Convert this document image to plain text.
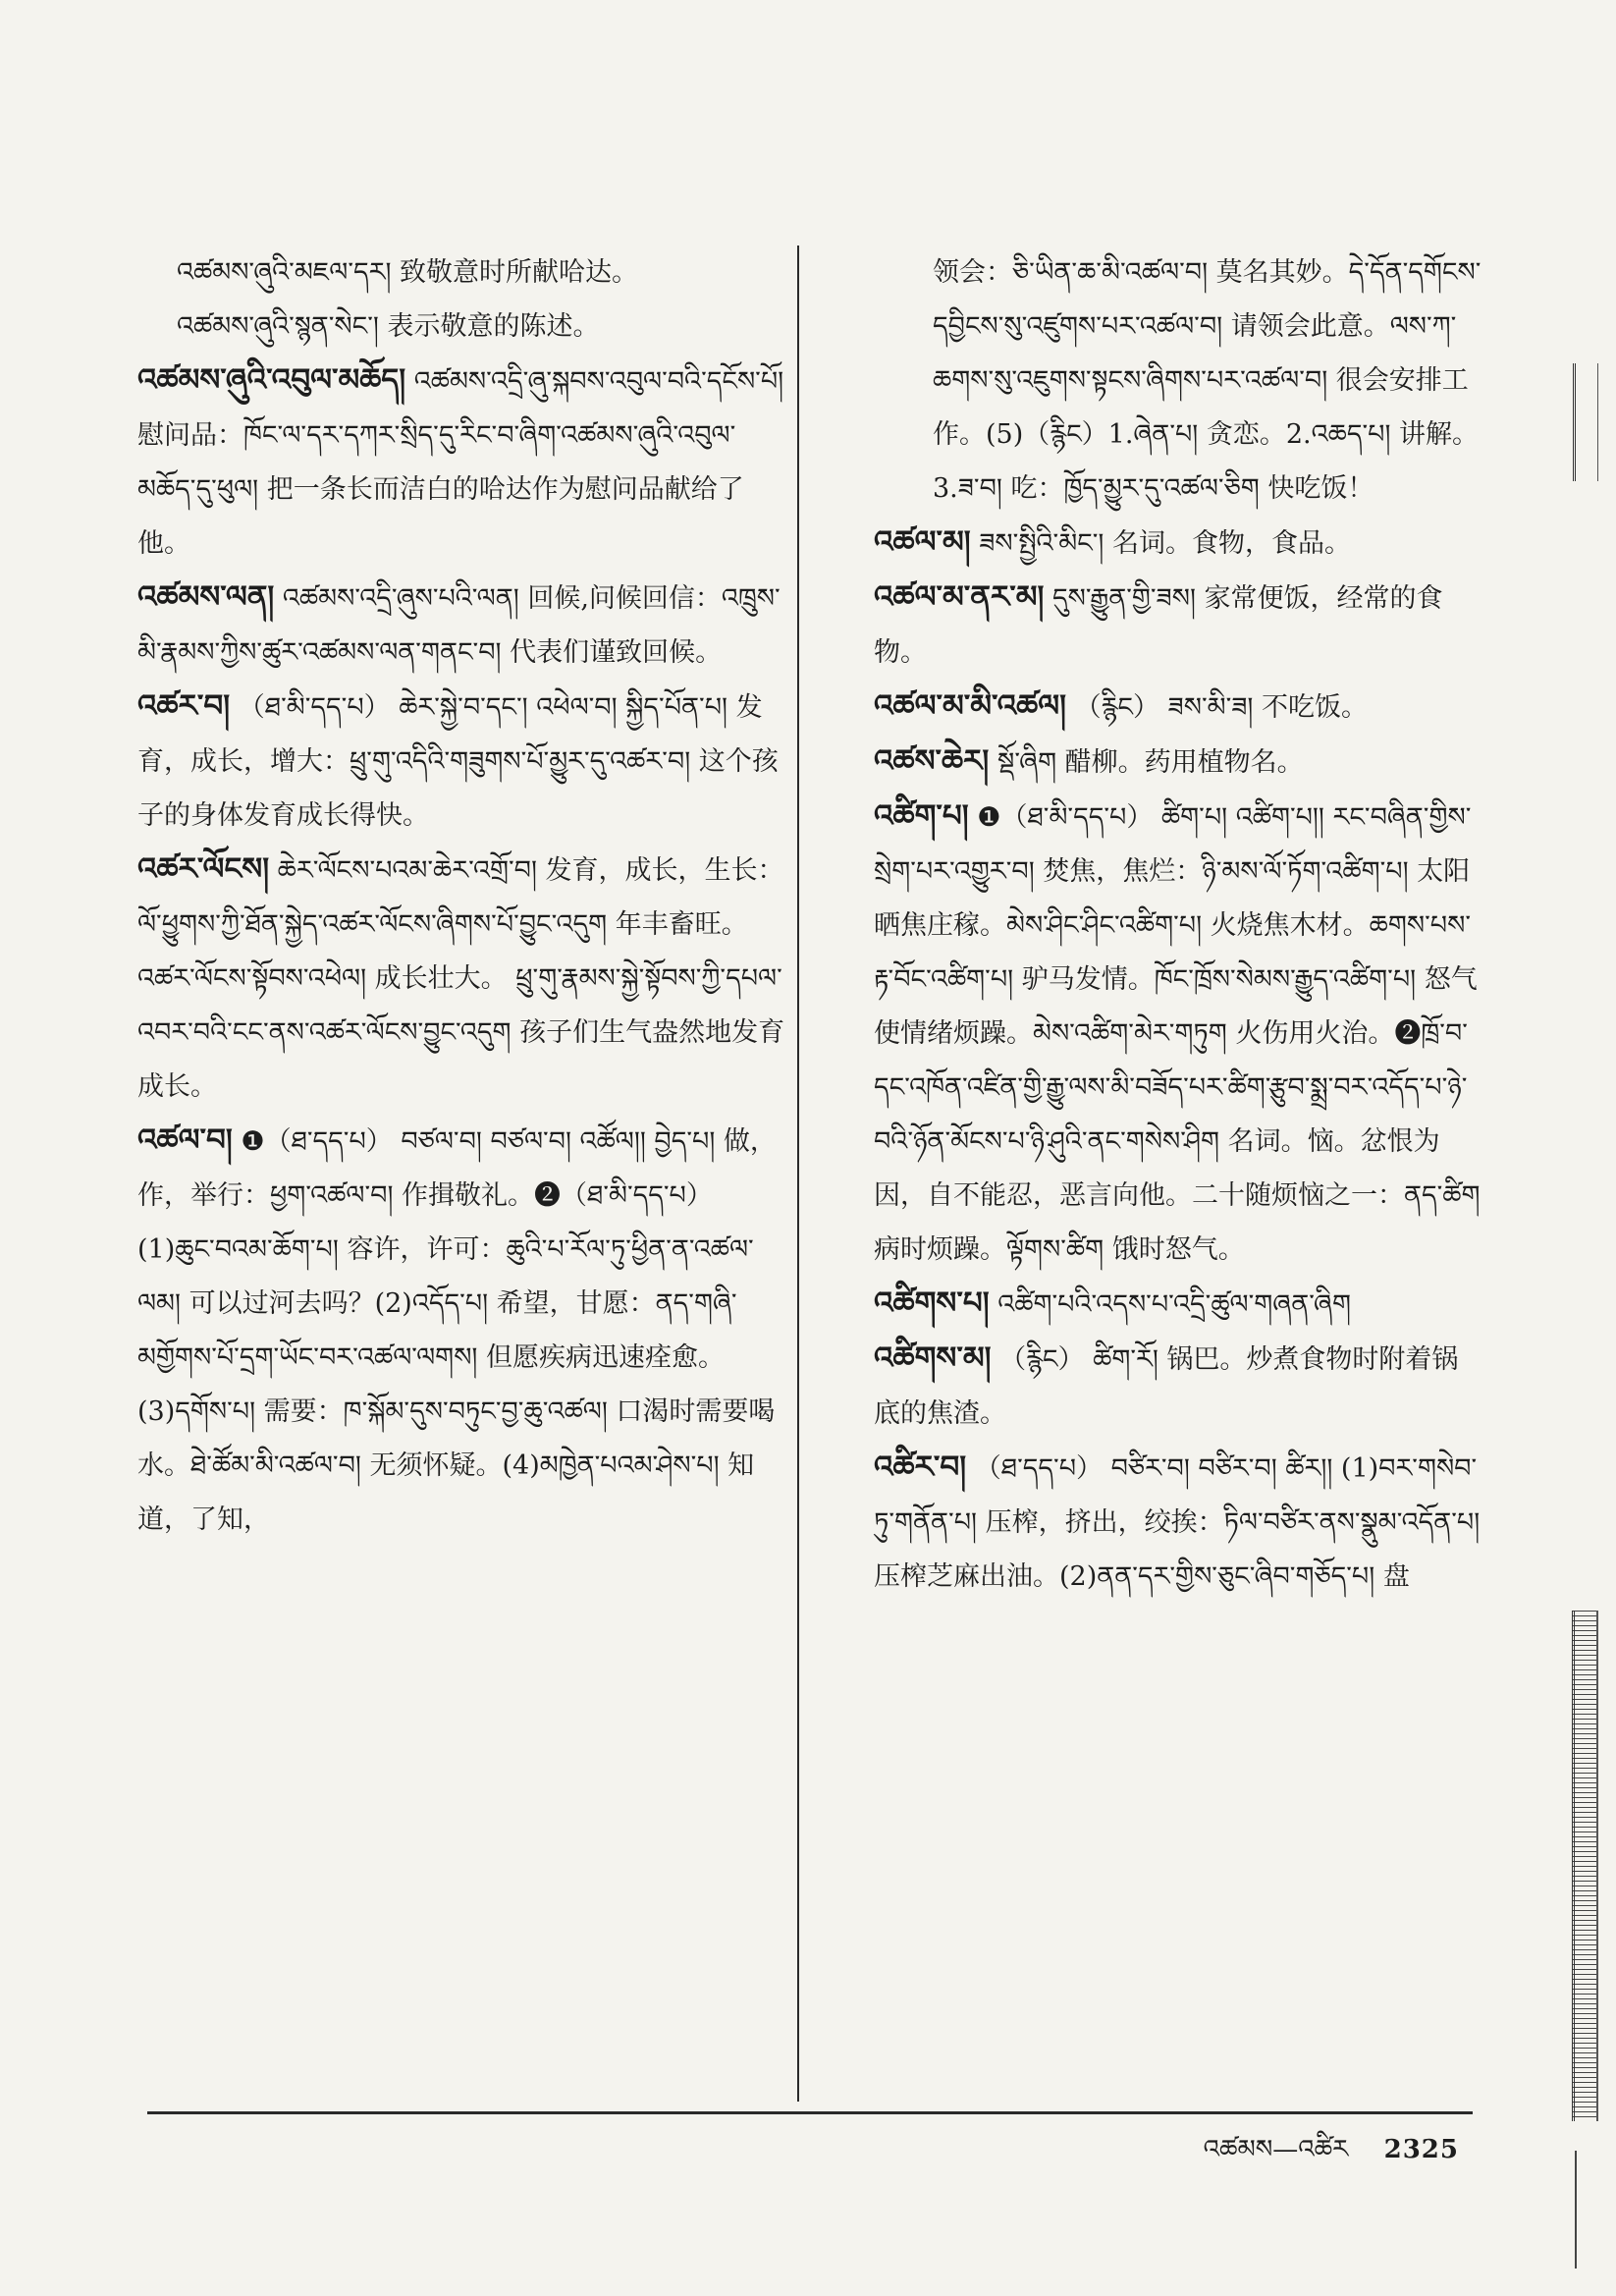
འཚམས་ཞུའི་མཇལ་དར། 致敬意时所献哈达。

འཚམས་ཞུའི་སྙན་སེང་། 表示敬意的陈述。

འཚམས་ཞུའི་འབུལ་མཆོད། འཚམས་འདྲི་ཞུ་སྐབས་འབུལ་བའི་དངོས་པོ། 慰问品：ཁོང་ལ་དར་དཀར་སྲིད་དུ་རིང་བ་ཞིག་འཚམས་ཞུའི་འབུལ་མཆོད་དུ་ཕུལ། 把一条长而洁白的哈达作为慰问品献给了他。

འཚམས་ལན། འཚམས་འདྲི་ཞུས་པའི་ལན། 回候,问候回信：འཁྲུས་མི་རྣམས་ཀྱིས་ཚུར་འཚམས་ལན་གནང་བ། 代表们谨致回候。

འཚར་བ། （ཐ་མི་དད་པ） ཆེར་སྐྱེ་བ་དང་། འཕེལ་བ། སྐྱིད་པོན་པ། 发育，成长，增大：ཕྲུ་གུ་འདིའི་གཟུགས་པོ་མྱུར་དུ་འཚར་བ། 这个孩子的身体发育成长得快。

འཚར་ལོངས། ཆེར་ལོངས་པའམ་ཆེར་འགྲོ་བ། 发育，成长，生长：ལོ་ཕྱུགས་ཀྱི་ཐོན་སྐྱེད་འཚར་ལོངས་ཞིགས་པོ་བྱུང་འདུག 年丰畜旺。 འཚར་ལོངས་སྟོབས་འཕེལ། 成长壮大。 ཕྲུ་གུ་རྣམས་སྐྱེ་སྟོབས་ཀྱི་དཔལ་འབར་བའི་ངང་ནས་འཚར་ལོངས་བྱུང་འདུག 孩子们生气盎然地发育成长。

འཚལ་བ། ❶（ཐ་དད་པ） བཙལ་བ། བཙལ་བ། འཚོལ།། བྱེད་པ། 做，作，举行：ཕྱག་འཚལ་བ། 作揖敬礼。❷（ཐ་མི་དད་པ）(1)ཆུང་བའམ་ཆོག་པ། 容许，许可：ཆུའི་པ་རོལ་ཏུ་ཕྱིན་ན་འཚལ་ལམ། 可以过河去吗？(2)འདོད་པ། 希望，甘愿：ནད་གཞི་མགྱོགས་པོ་དྲག་ཡོང་བར་འཚལ་ལགས། 但愿疾病迅速痊愈。(3)དགོས་པ། 需要：ཁ་སྐོམ་དུས་བཏུང་བྱ་ཆུ་འཚལ། 口渴时需要喝水。ཐེ་ཚོམ་མི་འཚལ་བ། 无须怀疑。(4)མཁྱེན་པའམ་ཤེས་པ། 知道，了知，

领会：ཅི་ཡིན་ཆ་མི་འཚལ་བ། 莫名其妙。དེ་དོན་དགོངས་དབྱིངས་སུ་འཛུགས་པར་འཚལ་བ། 请领会此意。ལས་ཀ་ཆགས་སུ་འཇུགས་སྟངས་ཞིགས་པར་འཚལ་བ། 很会安排工作。(5)（རྙིང）1.ཞེན་པ། 贪恋。2.འཆད་པ། 讲解。3.ཟ་བ། 吃：ཁྱོད་མྱུར་དུ་འཚལ་ཅིག 快吃饭！

འཚལ་མ། ཟས་སྤྱིའི་མིང་། 名词。食物，食品。

འཚལ་མ་ནར་མ། དུས་རྒྱུན་གྱི་ཟས། 家常便饭，经常的食物。

འཚལ་མ་མི་འཚལ། （རྙིང） ཟས་མི་ཟ། 不吃饭。

འཚས་ཆེར། སྡོ་ཞིག 醋柳。药用植物名。

འཚིག་པ། ❶（ཐ་མི་དད་པ） ཚིག་པ། འཚིག་པ།། རང་བཞིན་གྱིས་སྲེག་པར་འགྱུར་བ། 焚焦，焦烂：ཉི་མས་ལོ་ཏོག་འཚིག་པ། 太阳晒焦庄稼。མེས་ཤིང་ཤིང་འཚིག་པ། 火烧焦木材。ཆགས་པས་རྟ་བོང་འཚིག་པ། 驴马发情。ཁོང་ཁྲོས་སེམས་རྒྱུད་འཚིག་པ། 怒气使情绪烦躁。མེས་འཚིག་མེར་གཏུག 火伤用火治。❷ཁྲོ་བ་དང་འཁོན་འཛིན་གྱི་རྒྱུ་ལས་མི་བཟོད་པར་ཚིག་རྩུབ་སྨྲ་བར་འདོད་པ་ཉེ་བའི་ཉོན་མོངས་པ་ཉི་ཤུའི་ནང་གསེས་ཤིག 名词。恼。忿恨为因，自不能忍，恶言向他。二十随烦恼之一：ནད་ཚིག 病时烦躁。ལྟོགས་ཚིག 饿时怒气。

འཚིགས་པ། འཚིག་པའི་འདས་པ་འདྲི་ཚུལ་གཞན་ཞིག

འཚིགས་མ། （རྙིང） ཚིག་རོ། 锅巴。炒煮食物时附着锅底的焦渣。

འཚིར་བ། （ཐ་དད་པ） བཙིར་བ། བཙིར་བ། ཚིར།། (1)བར་གསེབ་ཏུ་གནོན་པ། 压榨，挤出，绞挨：ཏིལ་བཙིར་ནས་སྣུམ་འདོན་པ། 压榨芝麻出油。(2)ནན་དར་གྱིས་ཅུང་ཞིབ་གཅོད་པ། 盘

འཚམས—འཚིར 2325
